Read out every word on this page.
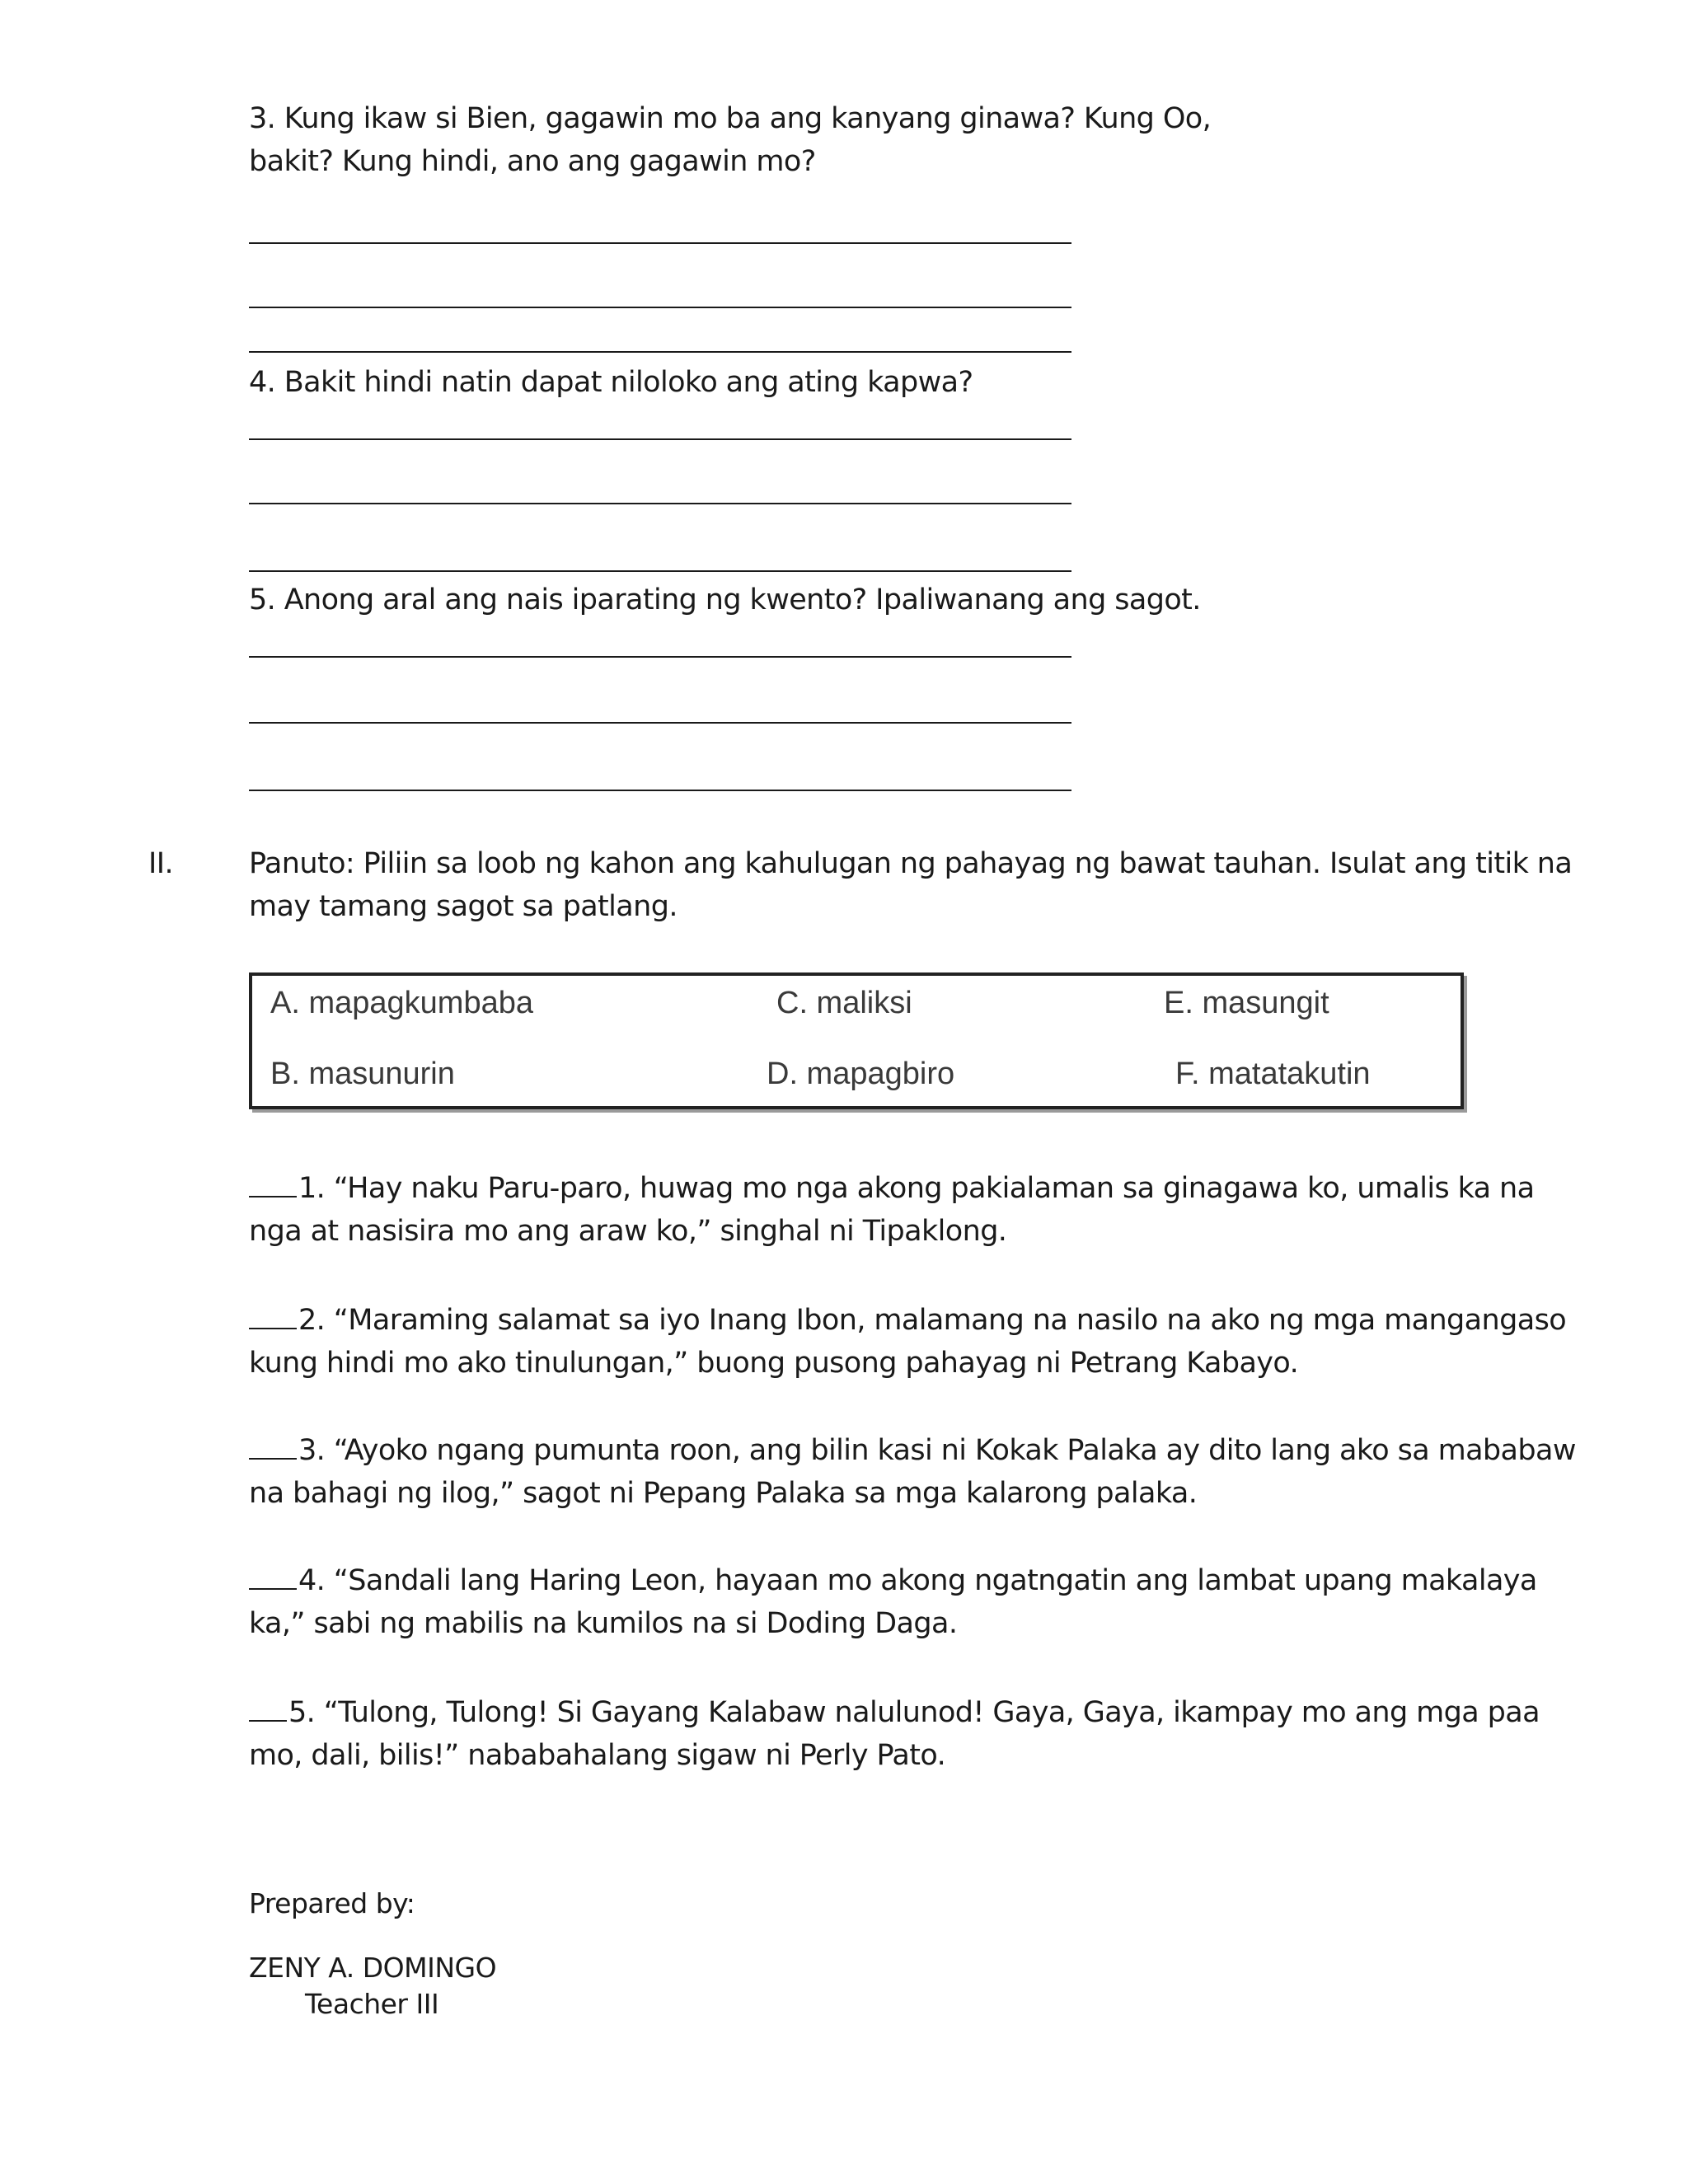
3. Kung ikaw si Bien, gagawin mo ba ang kanyang ginawa? Kung Oo,
bakit? Kung hindi, ano ang gagawin mo?
4. Bakit hindi natin dapat nilolok​o ang ating kapwa?
5. Anong aral ang nais iparating ng kwento? Ipaliwanang ang sagot.
II.	Panuto: Piliin sa loob ng kahon ang kahulugan ng pahayag ng bawat tauhan. Isulat ang titik na may tamang sagot sa patlang.
A. mapagkumbaba
B. masunurin
C. maliksi
D. mapagbiro
E. masungit
F. matatakutin
1. “Hay naku Paru-paro, huwag mo nga akong pakialaman sa ginagawa ko, umalis ka na nga at nasisira mo ang araw ko,” singhal ni Tipaklong.
2. “Maraming salamat sa iyo Inang Ibon, malamang na nasilo na ako ng mga mangangaso kung hindi mo ako tinulungan,” buong pusong pahayag ni Petrang Kabayo.
3. “Ayoko ngang pumunta roon, ang bilin kasi ni Kokak Palaka ay dito lang ako sa mababaw na bahagi ng ilog,” sagot ni Pepang Palaka sa mga kalarong palaka.
4. “Sandali lang Haring Leon, hayaan mo akong ngatngatin ang lambat upang makalaya ka,” sabi ng mabilis na kumilos na si Doding Daga.
5. “Tulong, Tulong! Si Gayang Kalabaw nalulunod! Gaya, Gaya, ikampay mo ang mga paa mo, dali, bilis!” nababahalang sigaw ni Perly Pato.
Prepared by:
ZENY A. DOMINGO
Teacher III
